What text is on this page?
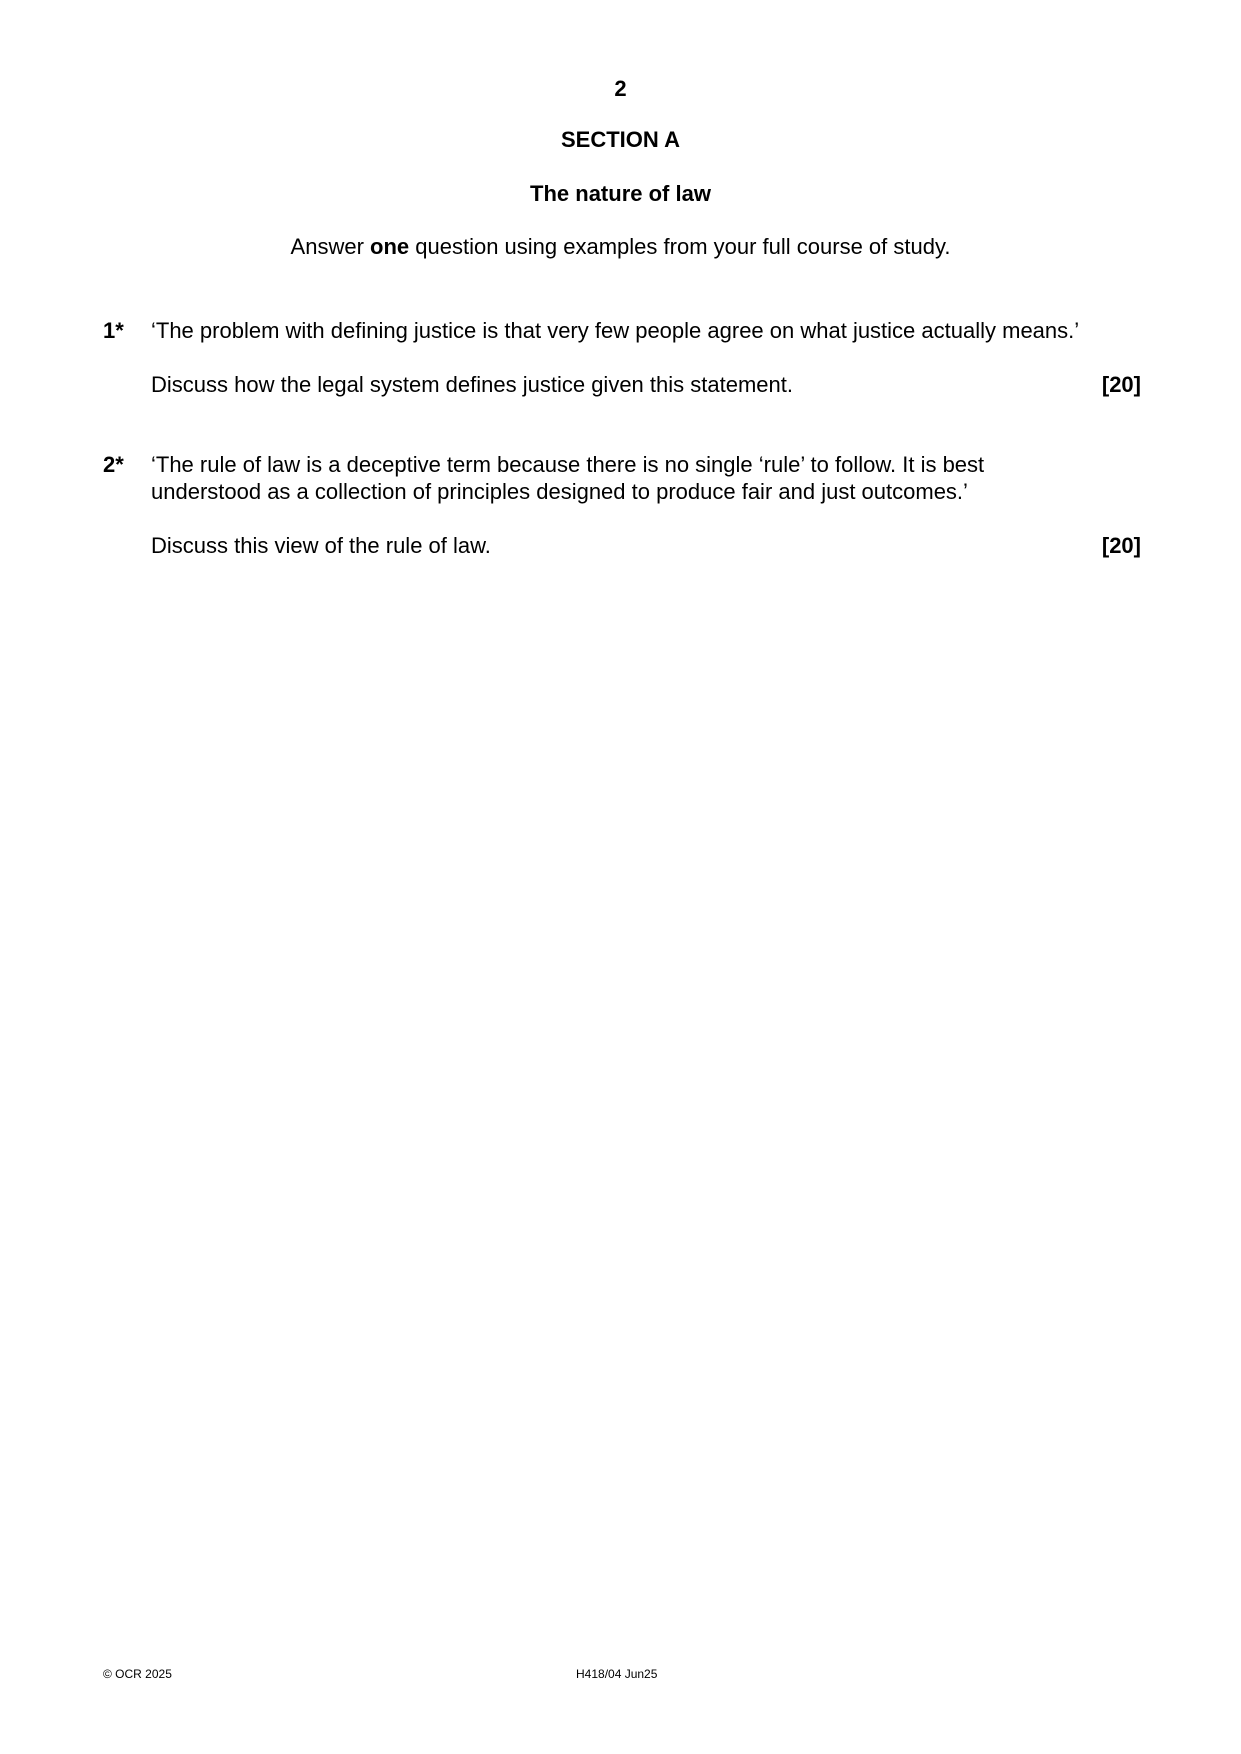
2
SECTION A
The nature of law
Answer one question using examples from your full course of study.
1* ‘The problem with defining justice is that very few people agree on what justice actually means.’

Discuss how the legal system defines justice given this statement.	[20]
2* ‘The rule of law is a deceptive term because there is no single ‘rule’ to follow. It is best
understood as a collection of principles designed to produce fair and just outcomes.’

Discuss this view of the rule of law.	[20]
© OCR 2025	H418/04 Jun25
